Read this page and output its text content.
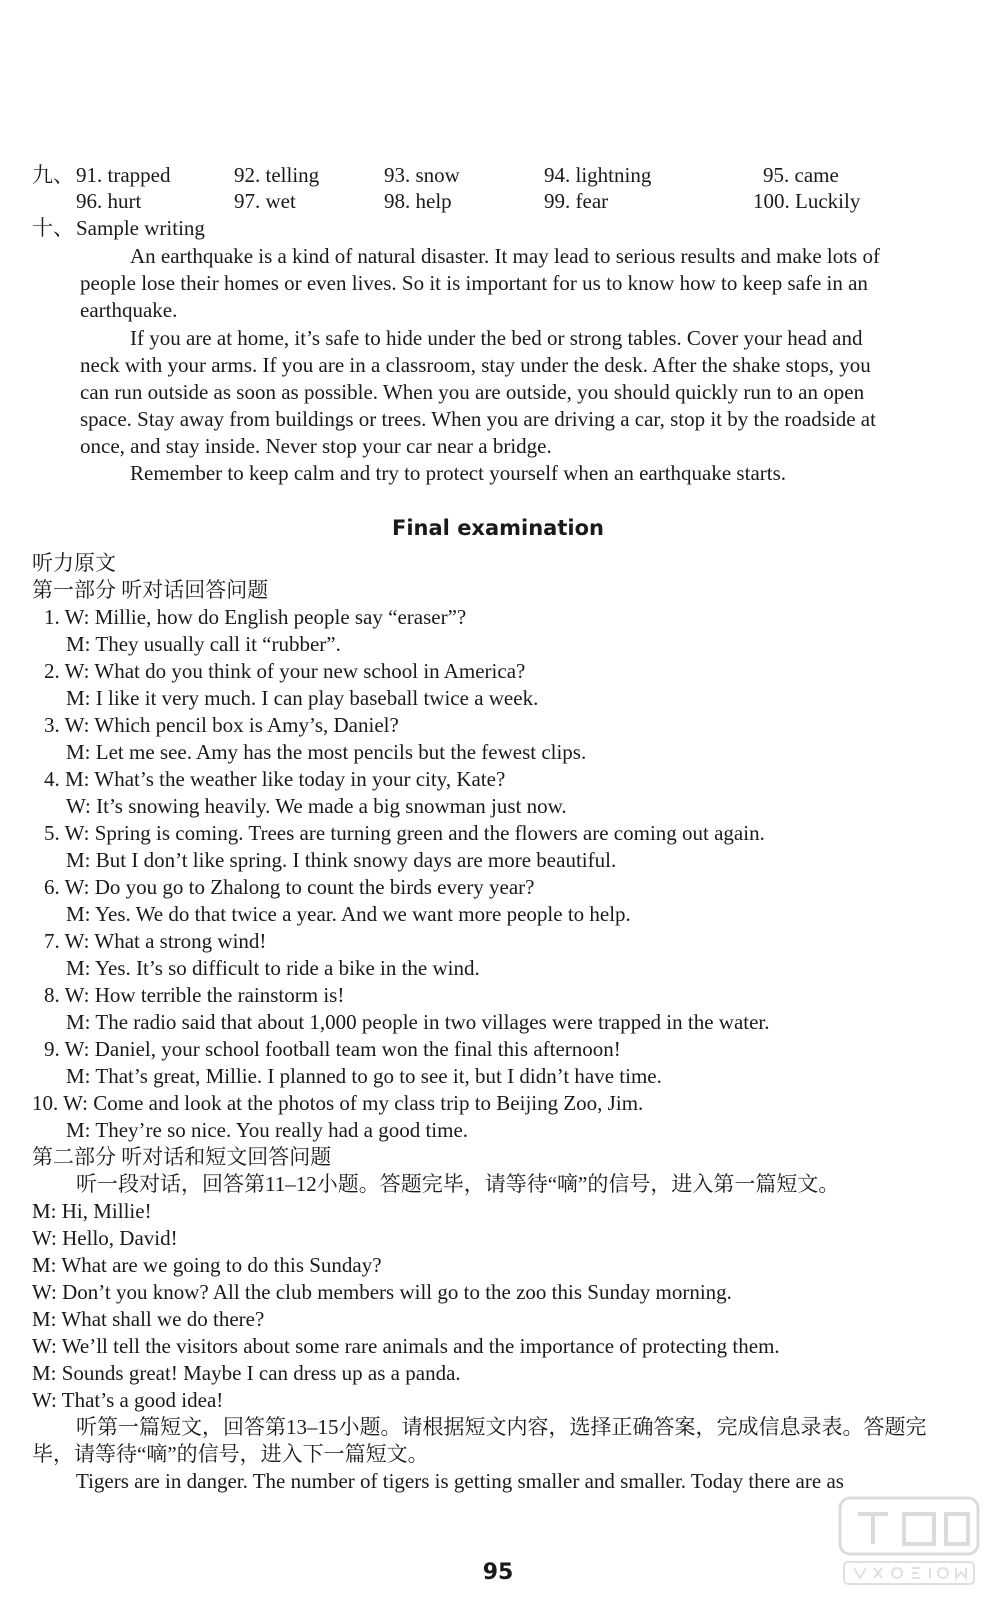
九、 91. trapped	92. telling	93. snow	94. lightning	95. came
96. hurt	97. wet	98. help	99. fear	100. Luckily
十、 Sample writing
An earthquake is a kind of natural disaster. It may lead to serious results and make lots of
people lose their homes or even lives. So it is important for us to know how to keep safe in an
earthquake.
If you are at home, it’s safe to hide under the bed or strong tables. Cover your head and
neck with your arms. If you are in a classroom, stay under the desk. After the shake stops, you
can run outside as soon as possible. When you are outside, you should quickly run to an open
space. Stay away from buildings or trees. When you are driving a car, stop it by the roadside at
once, and stay inside. Never stop your car near a bridge.
Remember to keep calm and try to protect yourself when an earthquake starts.
Final examination
听力原文
第一部分 听对话回答问题
1. W: Millie, how do English people say “eraser”?
M: They usually call it “rubber”.
2. W: What do you think of your new school in America?
M: I like it very much. I can play baseball twice a week.
3. W: Which pencil box is Amy’s, Daniel?
M: Let me see. Amy has the most pencils but the fewest clips.
4. M: What’s the weather like today in your city, Kate?
W: It’s snowing heavily. We made a big snowman just now.
5. W: Spring is coming. Trees are turning green and the flowers are coming out again.
M: But I don’t like spring. I think snowy days are more beautiful.
6. W: Do you go to Zhalong to count the birds every year?
M: Yes. We do that twice a year. And we want more people to help.
7. W: What a strong wind!
M: Yes. It’s so difficult to ride a bike in the wind.
8. W: How terrible the rainstorm is!
M: The radio said that about 1,000 people in two villages were trapped in the water.
9. W: Daniel, your school football team won the final this afternoon!
M: That’s great, Millie. I planned to go to see it, but I didn’t have time.
10. W: Come and look at the photos of my class trip to Beijing Zoo, Jim.
M: They’re so nice. You really had a good time.
第二部分 听对话和短文回答问题
听一段对话，回答第11–12小题。答题完毕，请等待“嘀”的信号，进入第一篇短文。
M: Hi, Millie!
W: Hello, David!
M: What are we going to do this Sunday?
W: Don’t you know? All the club members will go to the zoo this Sunday morning.
M: What shall we do there?
W: We’ll tell the visitors about some rare animals and the importance of protecting them.
M: Sounds great! Maybe I can dress up as a panda.
W: That’s a good idea!
听第一篇短文，回答第13–15小题。请根据短文内容，选择正确答案，完成信息录表。答题完
毕，请等待“嘀”的信号，进入下一篇短文。
Tigers are in danger. The number of tigers is getting smaller and smaller. Today there are as
95
